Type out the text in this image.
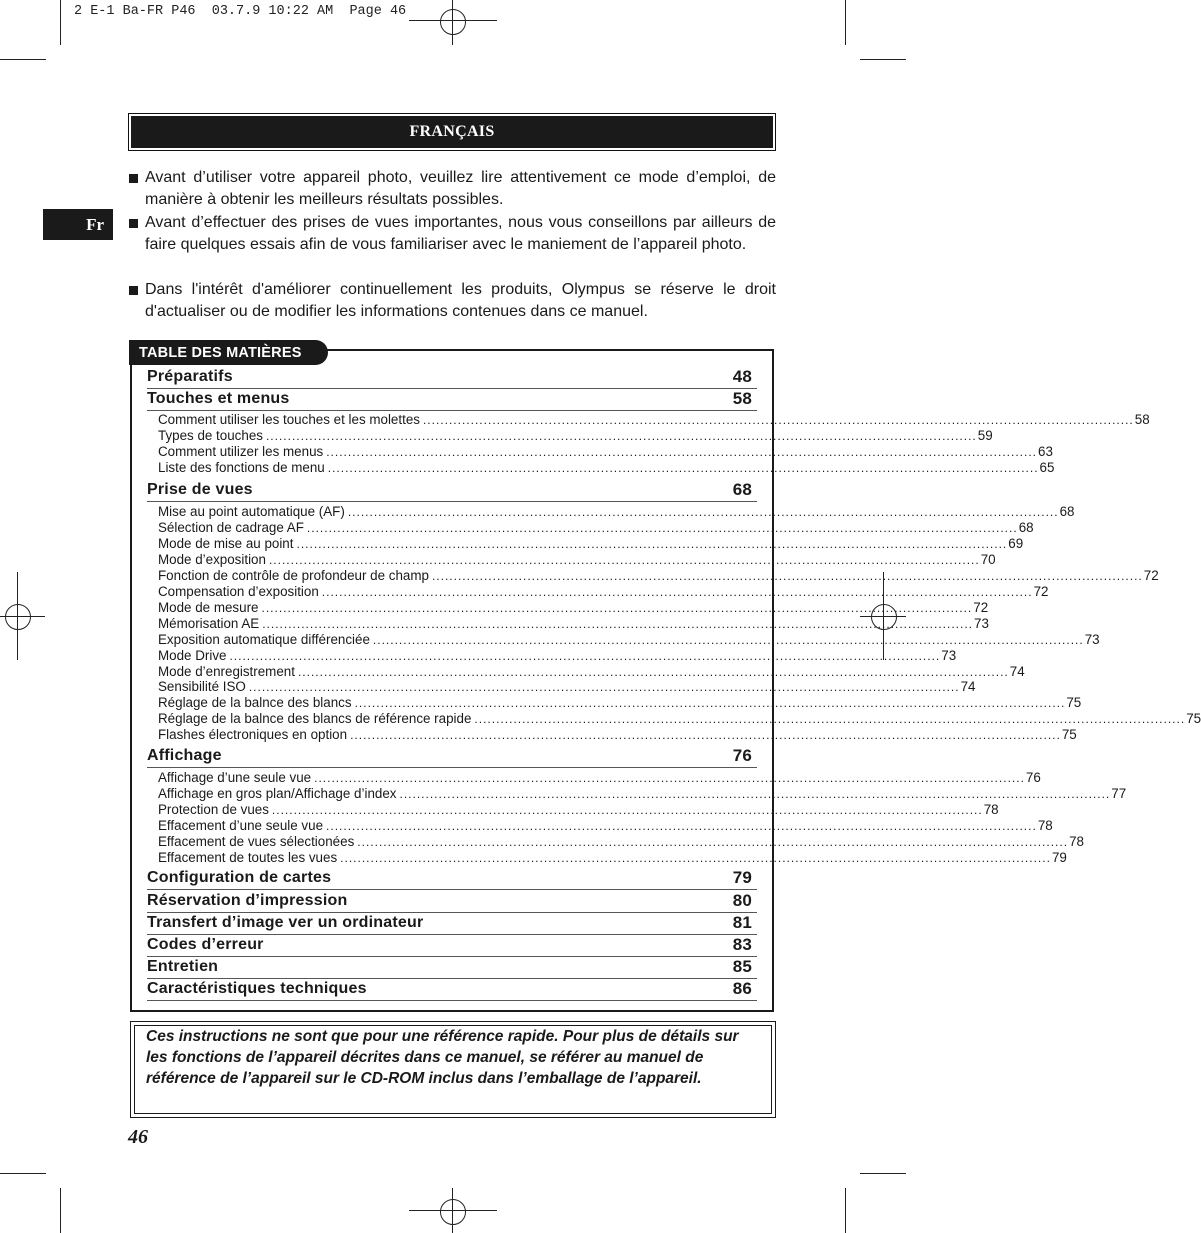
2 E-1 Ba-FR P46  03.7.9 10:22 AM  Page 46
FRANÇAIS
Fr
Avant d’utiliser votre appareil photo, veuillez lire attentivement ce mode d’emploi, de manière à obtenir les meilleurs résultats possibles.
Avant d’effectuer des prises de vues importantes, nous vous conseillons par ailleurs de faire quelques essais afin de vous familiariser avec le maniement de l’appareil photo.
Dans l'intérêt d'améliorer continuellement les produits, Olympus se réserve le droit d'actualiser ou de modifier les informations contenues dans ce manuel.
TABLE DES MATIÈRES
Préparatifs	48
Touches et menus	58
Comment utiliser les touches et les molettes .................................................................................................................................................................... 58
Types de touches .................................................................................................................................................................... 59
Comment utilizer les menus .................................................................................................................................................................... 63
Liste des fonctions de menu .................................................................................................................................................................... 65
Prise de vues	68
Mise au point automatique (AF) .................................................................................................................................................................... 68
Sélection de cadrage AF .................................................................................................................................................................... 68
Mode de mise au point .................................................................................................................................................................... 69
Mode d’exposition .................................................................................................................................................................... 70
Fonction de contrôle de profondeur de champ .................................................................................................................................................................... 72
Compensation d’exposition .................................................................................................................................................................... 72
Mode de mesure .................................................................................................................................................................... 72
Mémorisation AE .................................................................................................................................................................... 73
Exposition automatique différenciée .................................................................................................................................................................... 73
Mode Drive .................................................................................................................................................................... 73
Mode d’enregistrement .................................................................................................................................................................... 74
Sensibilité ISO .................................................................................................................................................................... 74
Réglage de la balnce des blancs .................................................................................................................................................................... 75
Réglage de la balnce des blancs de référence rapide .................................................................................................................................................................... 75
Flashes électroniques en option .................................................................................................................................................................... 75
Affichage	76
Affichage d’une seule vue .................................................................................................................................................................... 76
Affichage en gros plan/Affichage d’index .................................................................................................................................................................... 77
Protection de vues .................................................................................................................................................................... 78
Effacement d’une seule vue .................................................................................................................................................................... 78
Effacement de vues sélectionées .................................................................................................................................................................... 78
Effacement de toutes les vues .................................................................................................................................................................... 79
Configuration de cartes	79
Réservation d’impression	80
Transfert d’image ver un ordinateur	81
Codes d’erreur	83
Entretien	85
Caractéristiques techniques	86
Ces instructions ne sont que pour une référence rapide. Pour plus de détails sur les fonctions de l’appareil décrites dans ce manuel, se référer au manuel de référence de l’appareil sur le CD-ROM inclus dans l’emballage de l’appareil.
46
